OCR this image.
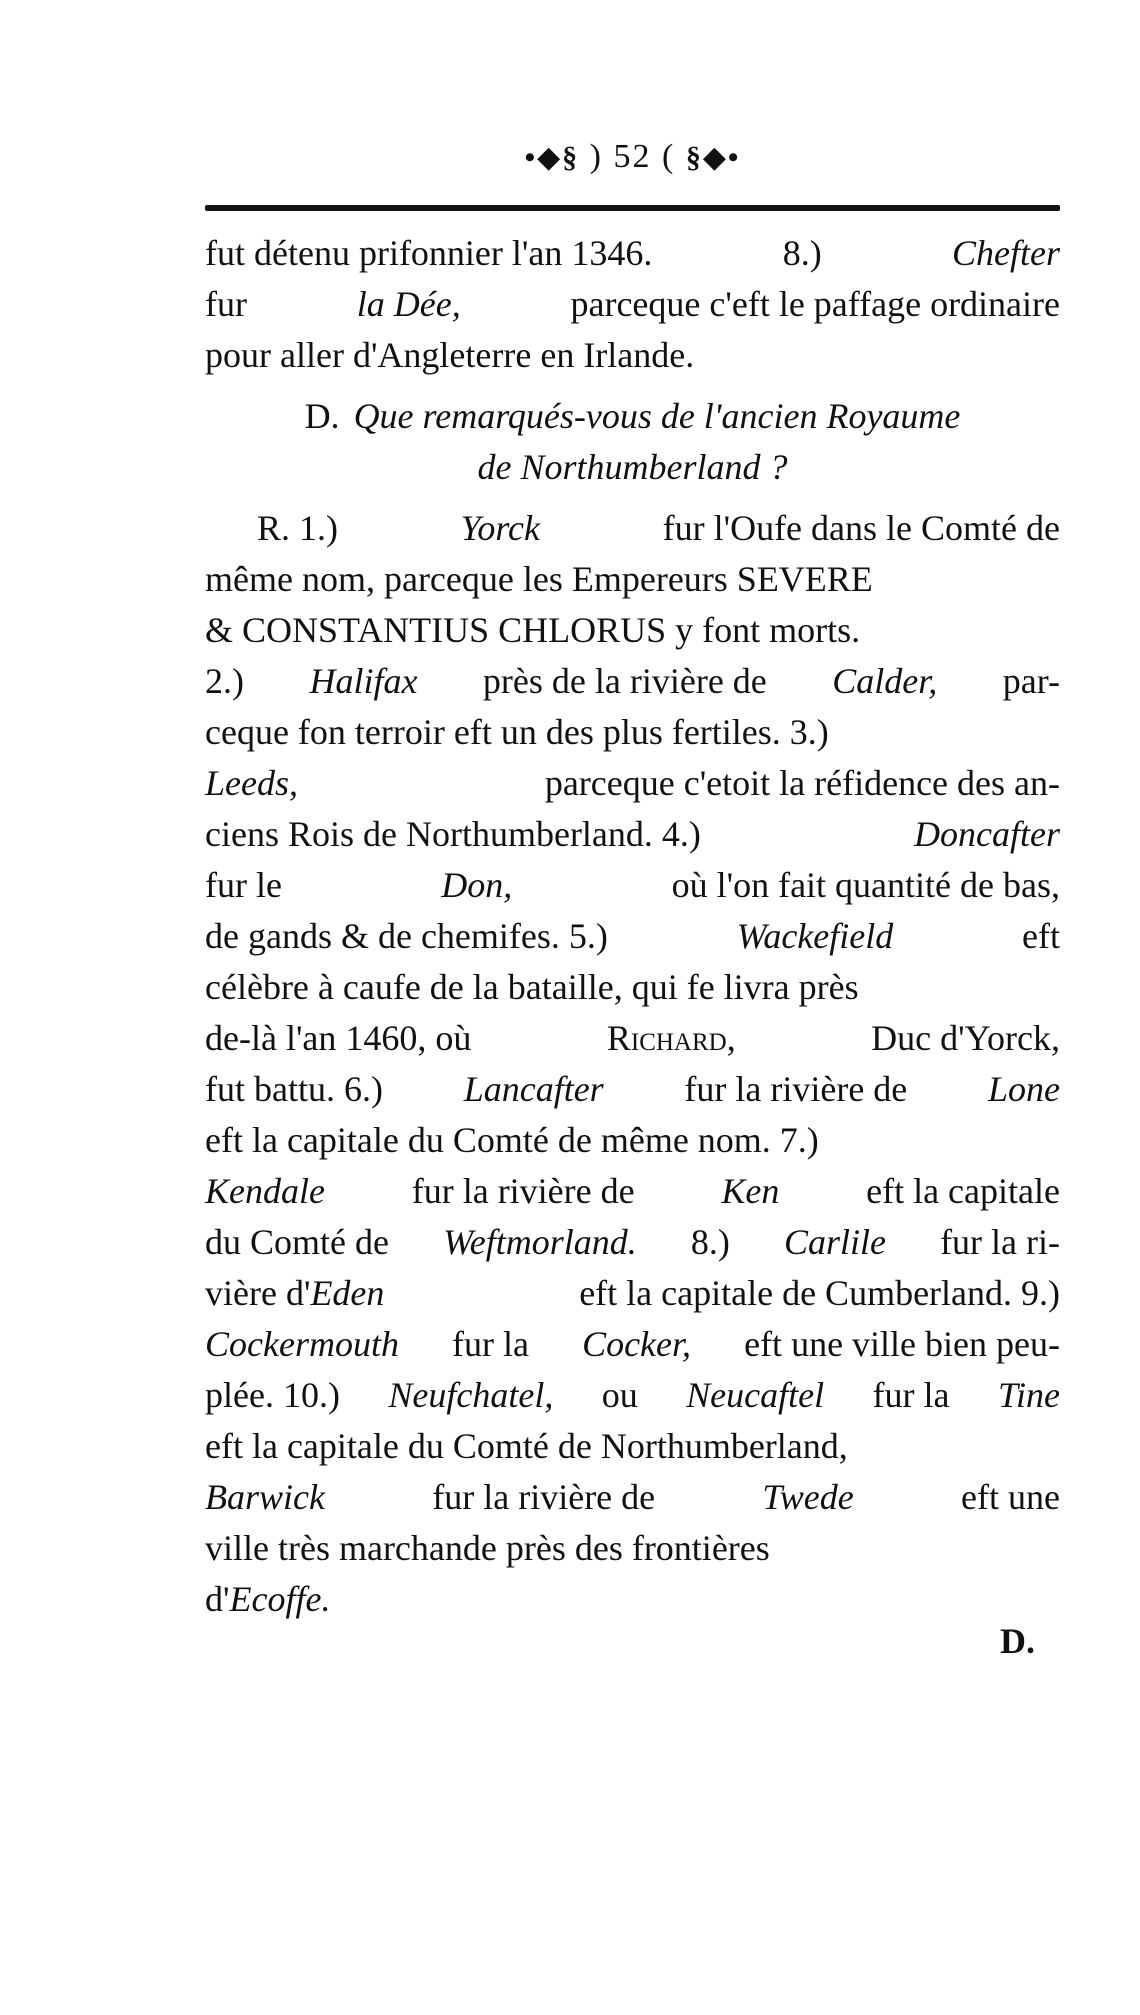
•◆§ ) 52 ( §◆•
fut détenu prifonnier l'an 1346.	8.)	Chefter
fur	la Dée,	parceque c'eft le paffage ordinaire
pour aller d'Angleterre en Irlande.
D. Que remarqués-vous de l'ancien Royaume
de Northumberland ?
R. 1.)	Yorck	fur l'Oufe dans le Comté de
même nom, parceque les Empereurs SEVERE
& CONSTANTIUS CHLORUS y font morts.
2.) Halifax près de la rivière de Calder, par-
ceque fon terroir eft un des plus fertiles. 3.)
Leeds,	parceque c'etoit la réfidence des an-
ciens Rois de Northumberland. 4.)	Doncafter
fur le	Don,	où l'on fait quantité de bas,
de gands & de chemifes. 5.)	Wackefield	eft
célèbre à caufe de la bataille, qui fe livra près
de-là l'an 1460, où	Richard,	Duc d'Yorck,
fut battu. 6.) Lancafter fur la rivière de Lone
eft la capitale du Comté de même nom. 7.)
Kendale fur la rivière de Ken eft la capitale
du Comté de Weftmorland. 8.) Carlile fur la ri-
vière d'Eden	eft la capitale de Cumberland. 9.)
Cockermouth fur la Cocker, eft une ville bien peu-
plée. 10.) Neufchatel, ou Neucaftel fur la Tine
eft la capitale du Comté de Northumberland,
Barwick	fur la rivière de	Twede	eft une
ville très marchande près des frontières
d' Ecoffe.
D.
